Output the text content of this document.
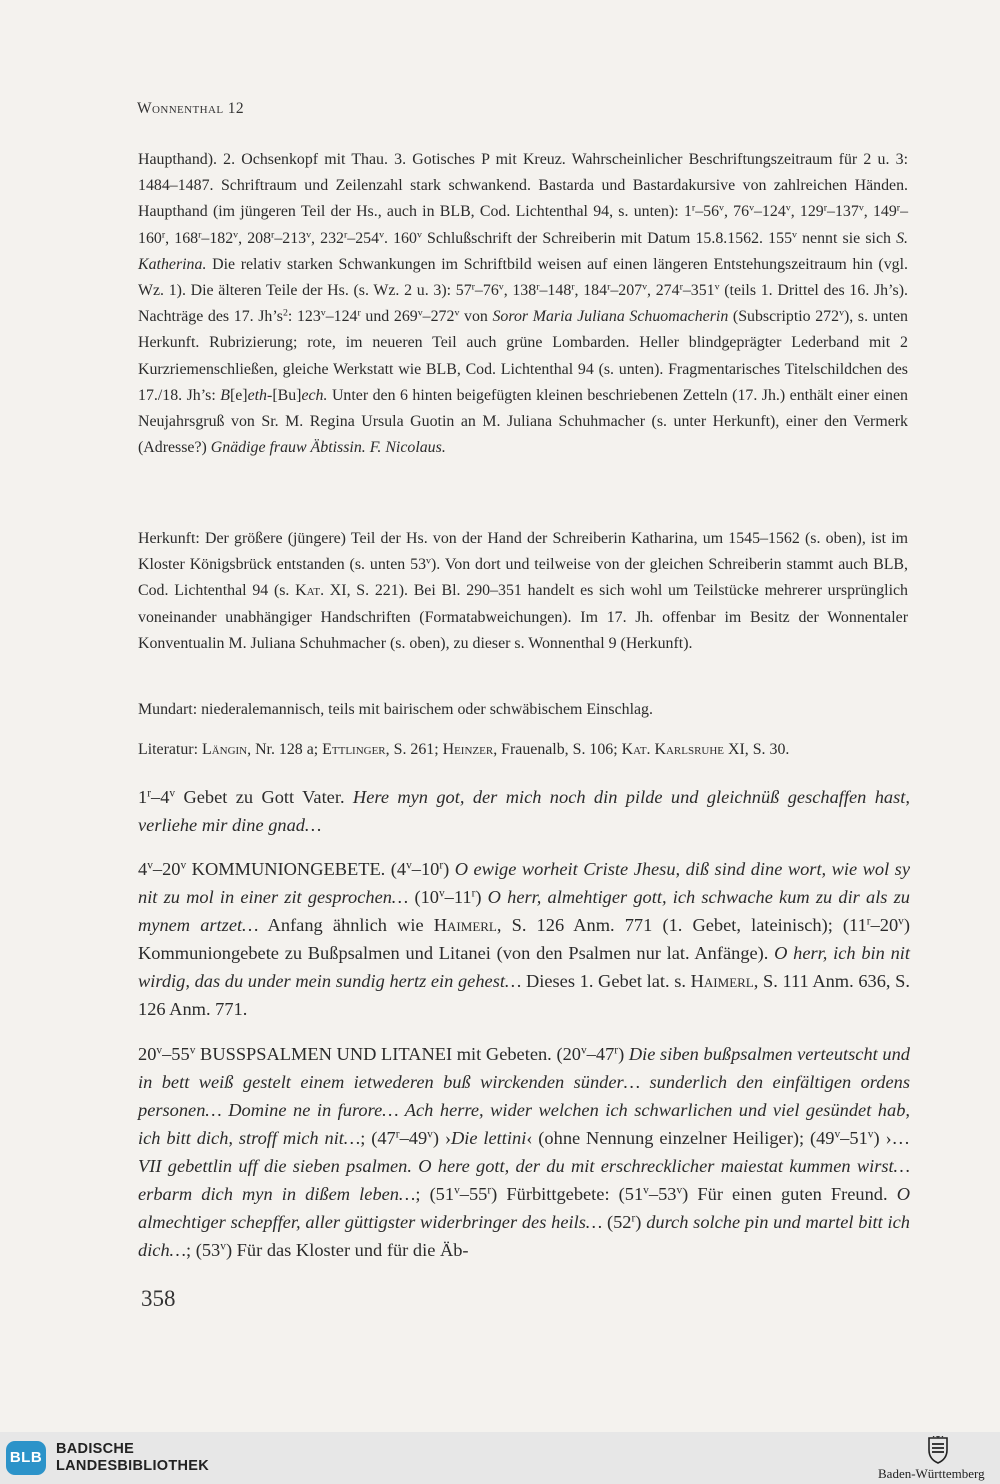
Wonnenthal 12

Haupthand). 2. Ochsenkopf mit Thau. 3. Gotisches P mit Kreuz. Wahrscheinlicher Beschriftungszeitraum für 2 u. 3: 1484–1487. Schriftraum und Zeilenzahl stark schwankend. Bastarda und Bastardakursive von zahlreichen Händen. Haupthand (im jüngeren Teil der Hs., auch in BLB, Cod. Lichtenthal 94, s. unten): 1$^r$–56$^v$, 76$^v$–124$^v$, 129$^r$–137$^v$, 149$^r$–160$^r$, 168$^r$–182$^v$, 208$^r$–213$^v$, 232$^r$–254$^v$. 160$^v$ Schlußschrift der Schreiberin mit Datum 15.8.1562. 155$^v$ nennt sie sich S. Katherina. Die relativ starken Schwankungen im Schriftbild weisen auf einen längeren Entstehungszeitraum hin (vgl. Wz. 1). Die älteren Teile der Hs. (s. Wz. 2 u. 3): 57$^r$–76$^v$, 138$^r$–148$^r$, 184$^r$–207$^v$, 274$^r$–351$^v$ (teils 1. Drittel des 16. Jh’s). Nachträge des 17. $Jh’s^2$: 123$^v$–124$^r$ und 269$^v$–272$^v$ von Soror Maria Juliana Schuomacherin (Subscriptio 272$^v$), s. unten Herkunft. Rubrizierung; rote, im neueren Teil auch grüne Lombarden. Heller blindgeprägter Lederband mit 2 Kurzriemenschließen, gleiche Werkstatt wie BLB, Cod. Lichtenthal 94 (s. unten). Fragmentarisches Titelschildchen des 17./18. Jh’s: B[e]eth-[Bu]ech. Unter den 6 hinten beigefügten kleinen beschriebenen Zetteln (17. Jh.) enthält einer einen Neujahrsgruß von Sr. M. Regina Ursula Guotin an M. Juliana Schuhmacher (s. unter Herkunft), einer den Vermerk (Adresse?) Gnädige frauw Äbtissin. F. Nicolaus.

Herkunft: Der größere (jüngere) Teil der Hs. von der Hand der Schreiberin Katharina, um 1545–1562 (s. oben), ist im Kloster Königsbrück entstanden (s. unten 53$^v$). Von dort und teilweise von der gleichen Schreiberin stammt auch BLB, Cod. Lichtenthal 94 (s. Kat. XI, S. 221). Bei Bl. 290–351 handelt es sich wohl um Teilstücke mehrerer ursprünglich voneinander unabhängiger Handschriften (Formatabweichungen). Im 17. Jh. offenbar im Besitz der Wonnentaler Konventualin M. Juliana Schuhmacher (s. oben), zu dieser s. Wonnenthal 9 (Herkunft).

Mundart: niederalemannisch, teils mit bairischem oder schwäbischem Einschlag.

Literatur: Längin, Nr. 128 a; Ettlinger, S. 261; Heinzer, Frauenalb, S. 106; Kat. Karlsruhe XI, S. 30.

1$^r$–4$^v$ Gebet zu Gott Vater. Here myn got, der mich noch din pilde und gleichnüß geschaffen hast, verliehe mir dine gnad…

4$^v$–20$^v$ KOMMUNIONGEBETE. (4$^v$–10$^r$) O ewige worheit Criste Jhesu, diß sind dine wort, wie wol sy nit zu mol in einer zit gesprochen… (10$^v$–11$^r$) O herr, almehtiger gott, ich schwache kum zu dir als zu mynem artzet… Anfang ähnlich wie Haimerl, S. 126 Anm. 771 (1. Gebet, lateinisch); (11$^r$–20$^v$) Kommuniongebete zu Bußpsalmen und Litanei (von den Psalmen nur lat. Anfänge). O herr, ich bin nit wirdig, das du under mein sundig hertz ein gehest… Dieses 1. Gebet lat. s. Haimerl, S. 111 Anm. 636, S. 126 Anm. 771.

20$^v$–55$^v$ BUSSPSALMEN UND LITANEI mit Gebeten. (20$^v$–47$^r$) Die siben bußpsalmen verteutscht und in bett weiß gestelt einem ietwederen buß wirckenden sünder… sunderlich den einfältigen ordens personen… Domine ne in furore… Ach herre, wider welchen ich schwarlichen und viel gesündet hab, ich bitt dich, stroff mich nit…; (47$^r$–49$^v$) ›Die lettini‹ (ohne Nennung einzelner Heiliger); (49$^v$–51$^v$) ›… VII gebettlin uff die sieben psalmen. O here gott, der du mit erschrecklicher maiestat kummen wirst… erbarm dich myn in dißem leben…; (51$^v$–55$^r$) Fürbittgebete: (51$^v$–53$^v$) Für einen guten Freund. O almechtiger schepffer, aller güttigster widerbringer des heils… (52$^r$) durch solche pin und martel bitt ich dich…; (53$^v$) Für das Kloster und für die Äb-

358
BLB BADISCHE
LANDESBIBLIOTHEK	Baden-Württemberg
